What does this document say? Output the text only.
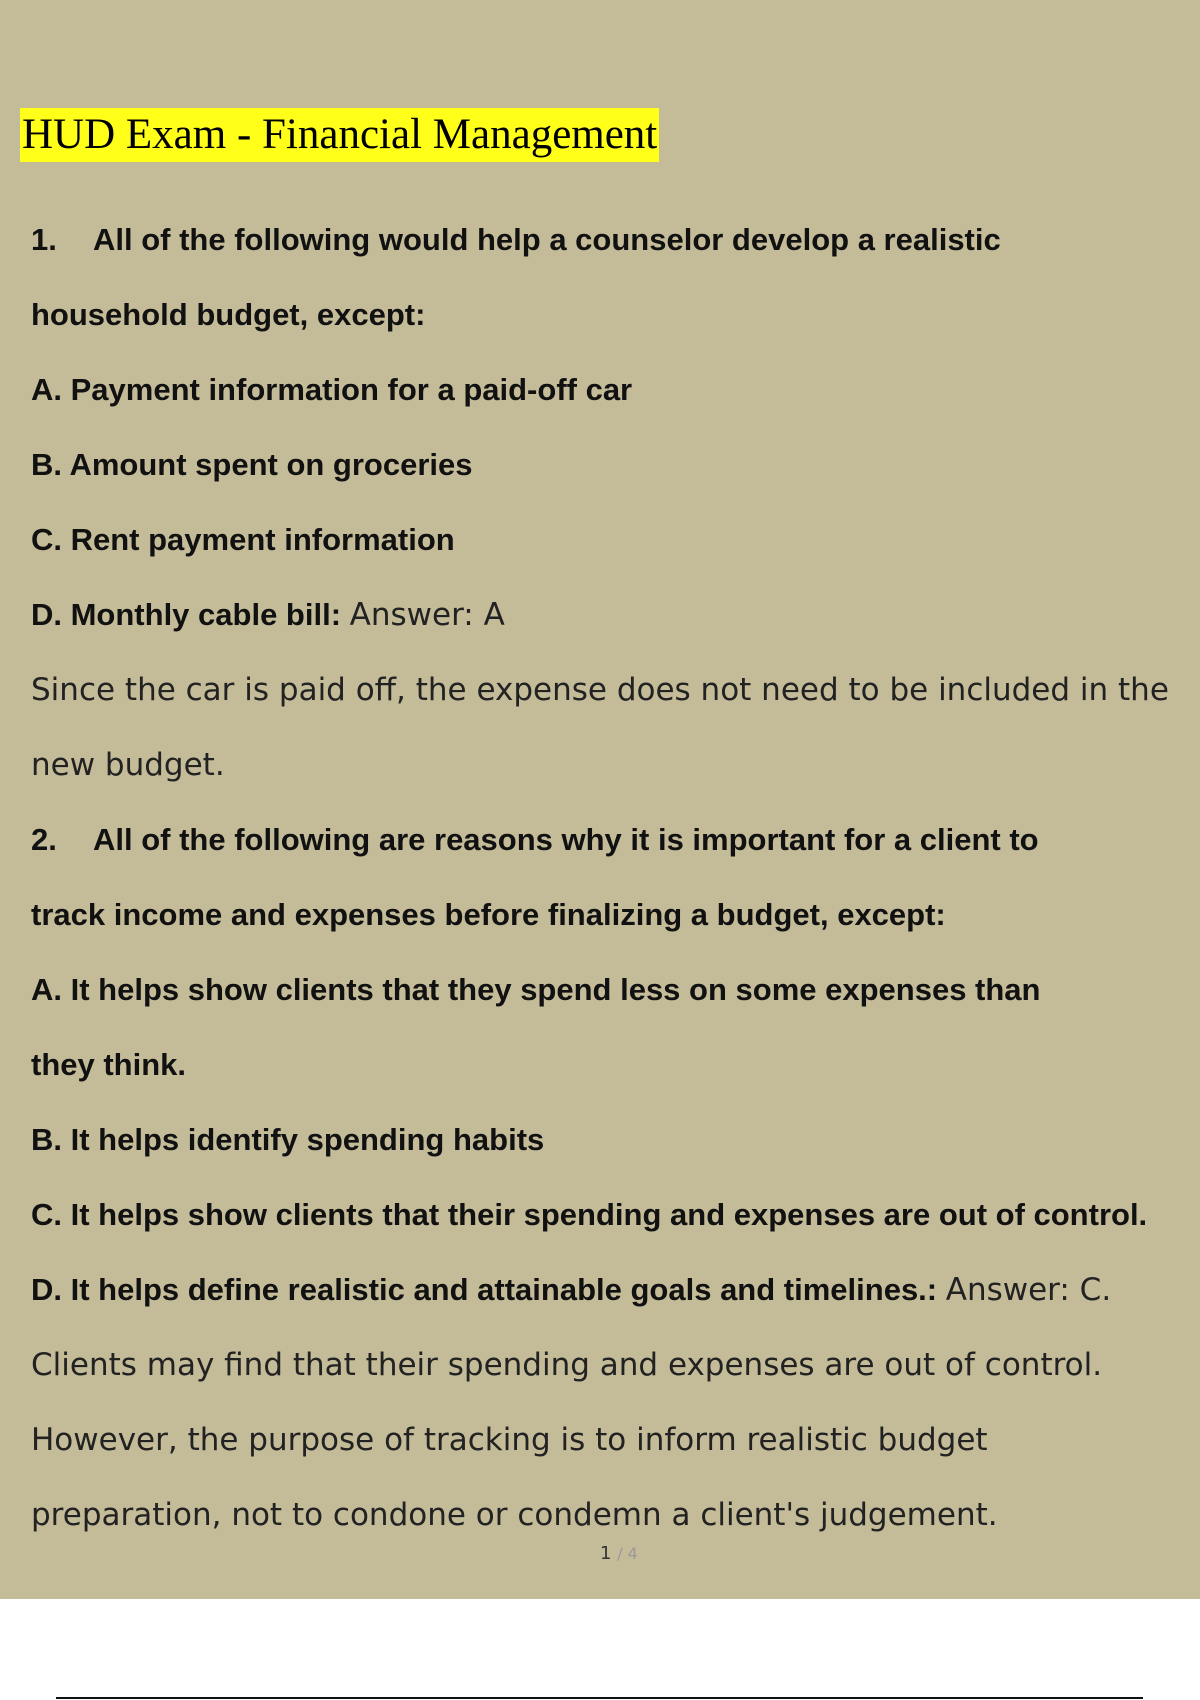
HUD Exam - Financial Management
1. All of the following would help a counselor develop a realistic
household budget, except:
A. Payment information for a paid-off car
B. Amount spent on groceries
C. Rent payment information
D. Monthly cable bill: Answer: A
Since the car is paid off, the expense does not need to be included in the
new budget.
2. All of the following are reasons why it is important for a client to
track income and expenses before finalizing a budget, except:
A. It helps show clients that they spend less on some expenses than
they think.
B. It helps identify spending habits
C. It helps show clients that their spending and expenses are out of control.
D. It helps define realistic and attainable goals and timelines.: Answer: C.
Clients may find that their spending and expenses are out of control.
However, the purpose of tracking is to inform realistic budget
preparation, not to condone or condemn a client's judgement.
1 / 4
